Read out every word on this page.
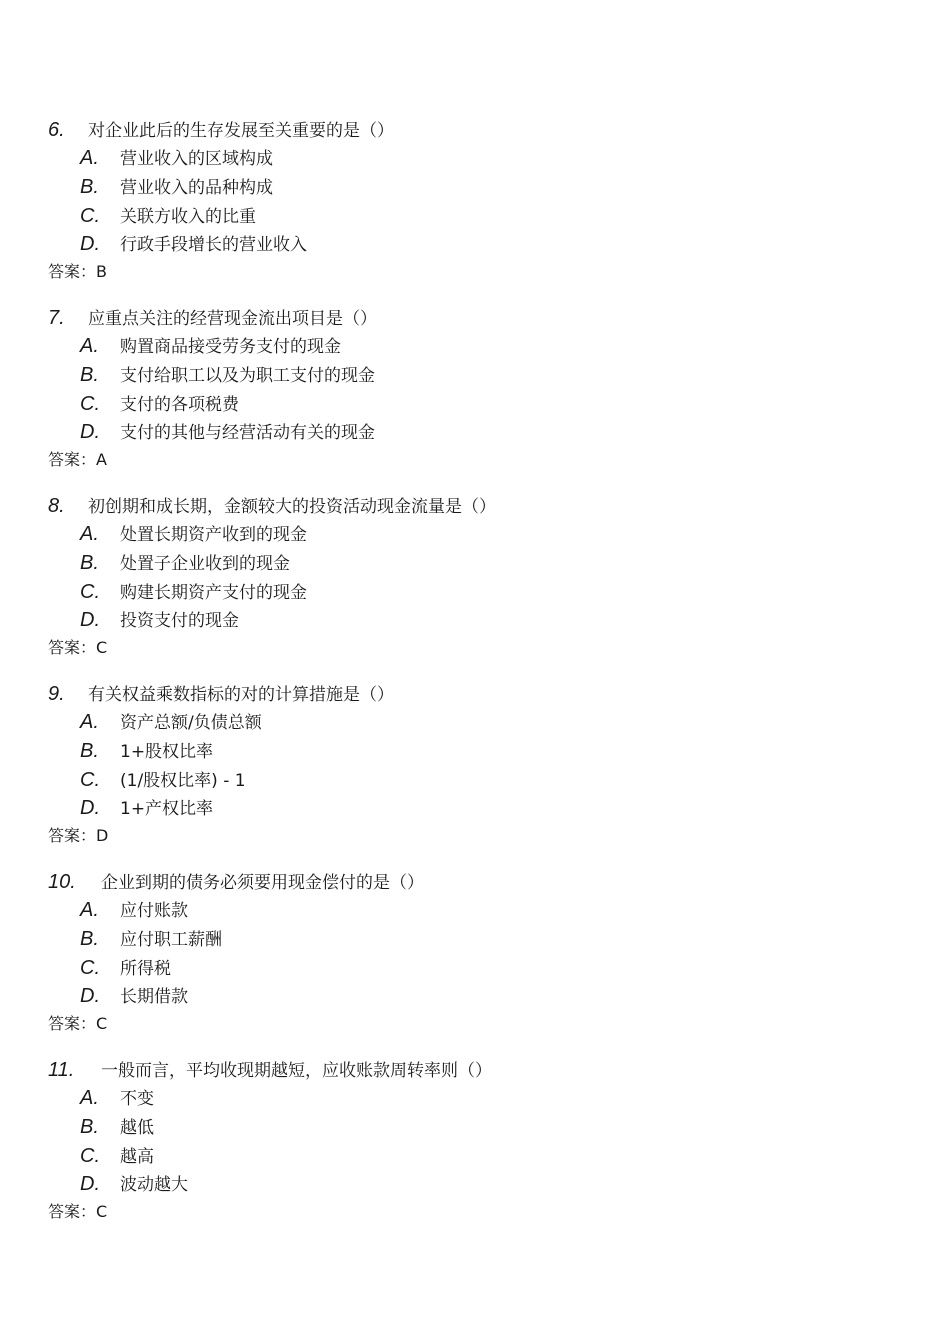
6. 对企业此后的生存发展至关重要的是（）
A. 营业收入的区域构成
B. 营业收入的品种构成
C. 关联方收入的比重
D. 行政手段增长的营业收入
答案：B
7. 应重点关注的经营现金流出项目是（）
A. 购置商品接受劳务支付的现金
B. 支付给职工以及为职工支付的现金
C. 支付的各项税费
D. 支付的其他与经营活动有关的现金
答案：A
8. 初创期和成长期，金额较大的投资活动现金流量是（）
A. 处置长期资产收到的现金
B. 处置子企业收到的现金
C. 购建长期资产支付的现金
D. 投资支付的现金
答案：C
9. 有关权益乘数指标的对的计算措施是（）
A. 资产总额/负债总额
B. 1+股权比率
C. (1/股权比率) - 1
D. 1+产权比率
答案：D
10. 企业到期的债务必须要用现金偿付的是（）
A. 应付账款
B. 应付职工薪酬
C. 所得税
D. 长期借款
答案：C
11. 一般而言，平均收现期越短，应收账款周转率则（）
A. 不变
B. 越低
C. 越高
D. 波动越大
答案：C
